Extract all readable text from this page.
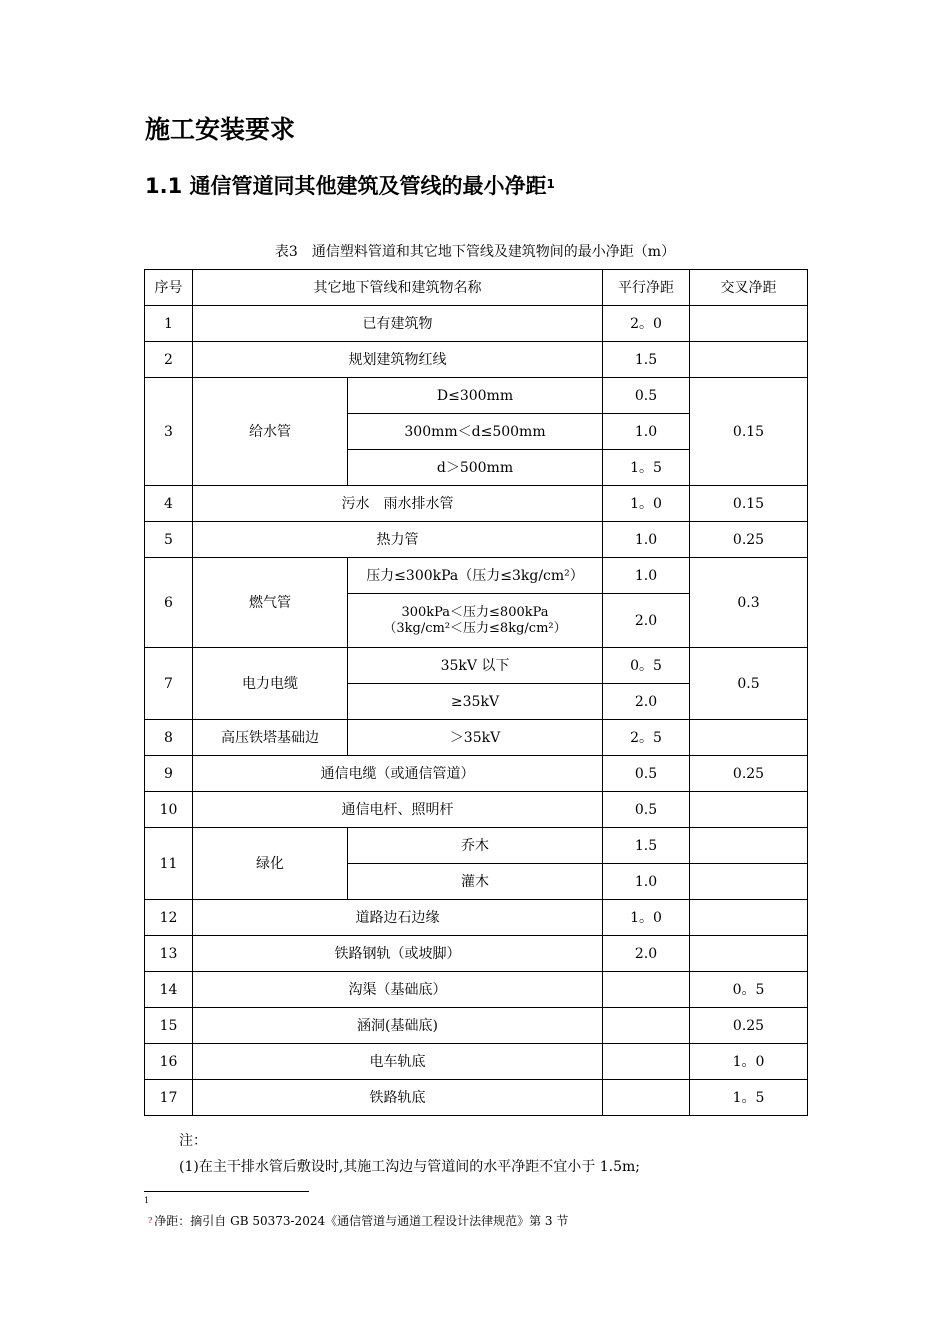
施工安装要求
1.1 通信管道同其他建筑及管线的最小净距$^1$
表3　通信塑料管道和其它地下管线及建筑物间的最小净距（m）
序号	其它地下管线和建筑物名称		平行净距	交叉净距
1	已有建筑物		2。0	
2	规划建筑物红线		1.5	
3	给水管	D≤300mm	0.5	0.15
		300mm＜d≤500mm	1.0	
		d＞500mm	1。5	
4	污水　雨水排水管		1。0	0.15
5	热力管		1.0	0.25
6	燃气管	压力≤300kPa（压力≤3kg/cm²）	1.0	0.3

		300kPa＜压力≤800kPa
（3kg/cm²＜压力≤8kg/cm²）	2.0	
7	电力电缆	35kV 以下	0。5	0.5
		≥35kV	2.0	
8	高压铁塔基础边	＞35kV	2。5	
9	通信电缆（或通信管道）		0.5	0.25
10	通信电杆、照明杆		0.5	
11	绿化	乔木	1.5	
		灌木	1.0	
12	道路边石边缘		1。0	
13	铁路钢轨（或坡脚）		2.0	
14	沟渠（基础底）			0。5
15	涵洞(基础底)			0.25
16	电车轨底			1。0
17	铁路轨底			1。5
注：
(1)在主干排水管后敷设时,其施工沟边与管道间的水平净距不宜小于 1.5m;
1
? 净距：摘引自 GB 50373-2024《通信管道与通道工程设计法律规范》第 3 节
